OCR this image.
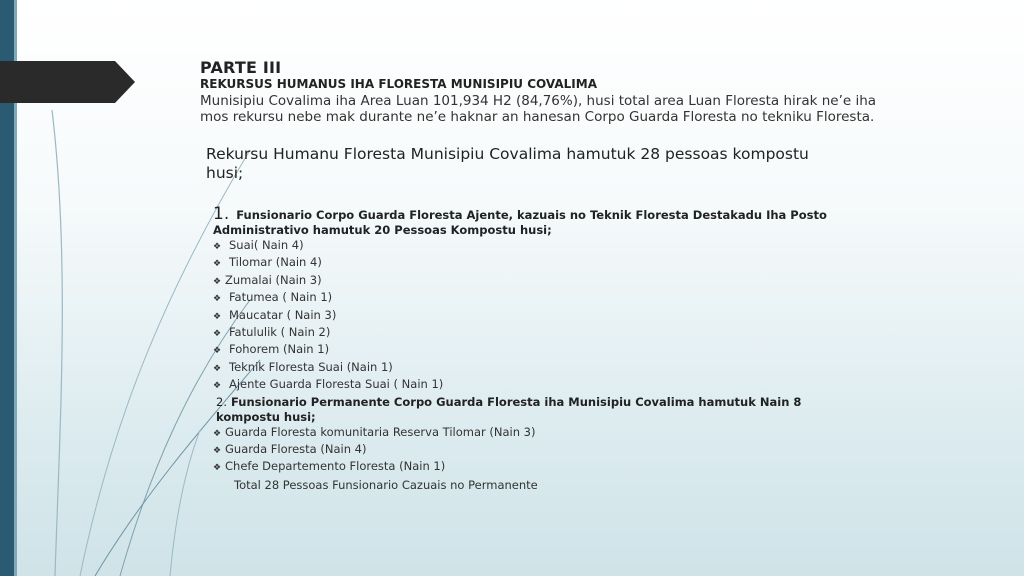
PARTE III
REKURSUS HUMANUS IHA FLORESTA MUNISIPIU COVALIMA
Munisipiu Covalima iha Area Luan 101,934 H2 (84,76%), husi total area Luan Floresta hirak ne’e iha mos rekursu nebe mak durante ne’e haknar an hanesan Corpo Guarda Floresta no tekniku Floresta.
Rekursu Humanu Floresta Munisipiu Covalima hamutuk 28 pessoas kompostu husi;
1. Funsionario Corpo Guarda Floresta Ajente, kazuais no Teknik Floresta Destakadu Iha Posto Administrativo hamutuk 20 Pessoas Kompostu husi;
❖ Suai( Nain 4)
❖ Tilomar (Nain 4)
❖ Zumalai (Nain 3)
❖ Fatumea ( Nain 1)
❖ Maucatar ( Nain 3)
❖ Fatululik ( Nain 2)
❖ Fohorem (Nain 1)
❖ Teknik Floresta Suai (Nain 1)
❖ Ajente Guarda Floresta Suai ( Nain 1)
2. Funsionario Permanente Corpo Guarda Floresta iha Munisipiu Covalima hamutuk Nain 8 kompostu husi;
❖ Guarda Floresta komunitaria Reserva Tilomar (Nain 3)
❖ Guarda Floresta (Nain 4)
❖ Chefe Departemento Floresta (Nain 1)
Total 28 Pessoas Funsionario Cazuais no Permanente
